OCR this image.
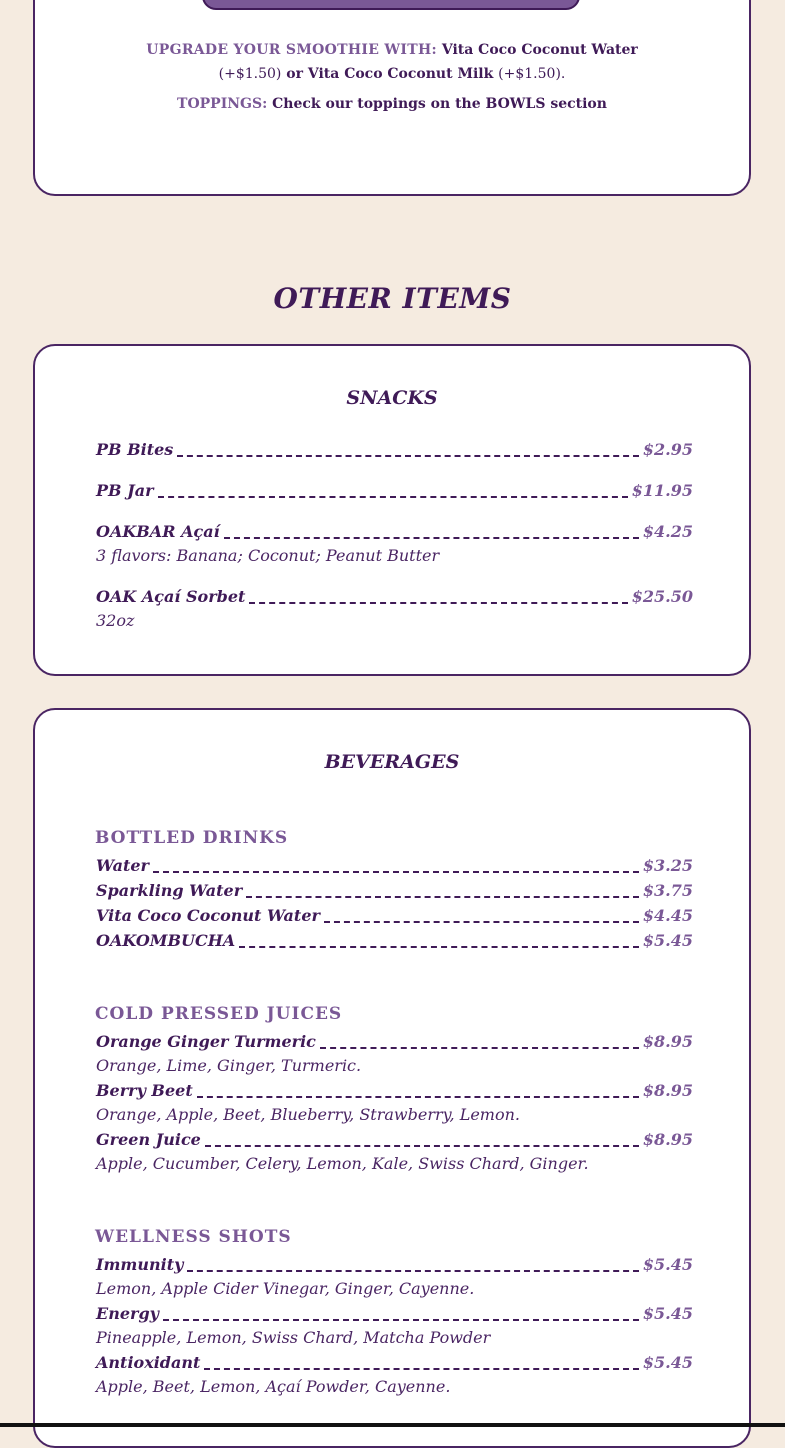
UPGRADE YOUR SMOOTHIE WITH: Vita Coco Coconut Water
(+$1.50) or Vita Coco Coconut Milk (+$1.50).
TOPPINGS: Check our toppings on the BOWLS section
OTHER ITEMS
SNACKS
PB Bites	$2.95
PB Jar	$11.95
OAKBAR Açaí	$4.25
3 flavors: Banana; Coconut; Peanut Butter
OAK Açaí Sorbet	$25.50
32oz
BEVERAGES
BOTTLED DRINKS
Water	$3.25
Sparkling Water	$3.75
Vita Coco Coconut Water	$4.45
OAKOMBUCHA	$5.45
COLD PRESSED JUICES
Orange Ginger Turmeric	$8.95
Orange, Lime, Ginger, Turmeric.
Berry Beet	$8.95
Orange, Apple, Beet, Blueberry, Strawberry, Lemon.
Green Juice	$8.95
Apple, Cucumber, Celery, Lemon, Kale, Swiss Chard, Ginger.
WELLNESS SHOTS
Immunity	$5.45
Lemon, Apple Cider Vinegar, Ginger, Cayenne.
Energy	$5.45
Pineapple, Lemon, Swiss Chard, Matcha Powder
Antioxidant	$5.45
Apple, Beet, Lemon, Açaí Powder, Cayenne.
